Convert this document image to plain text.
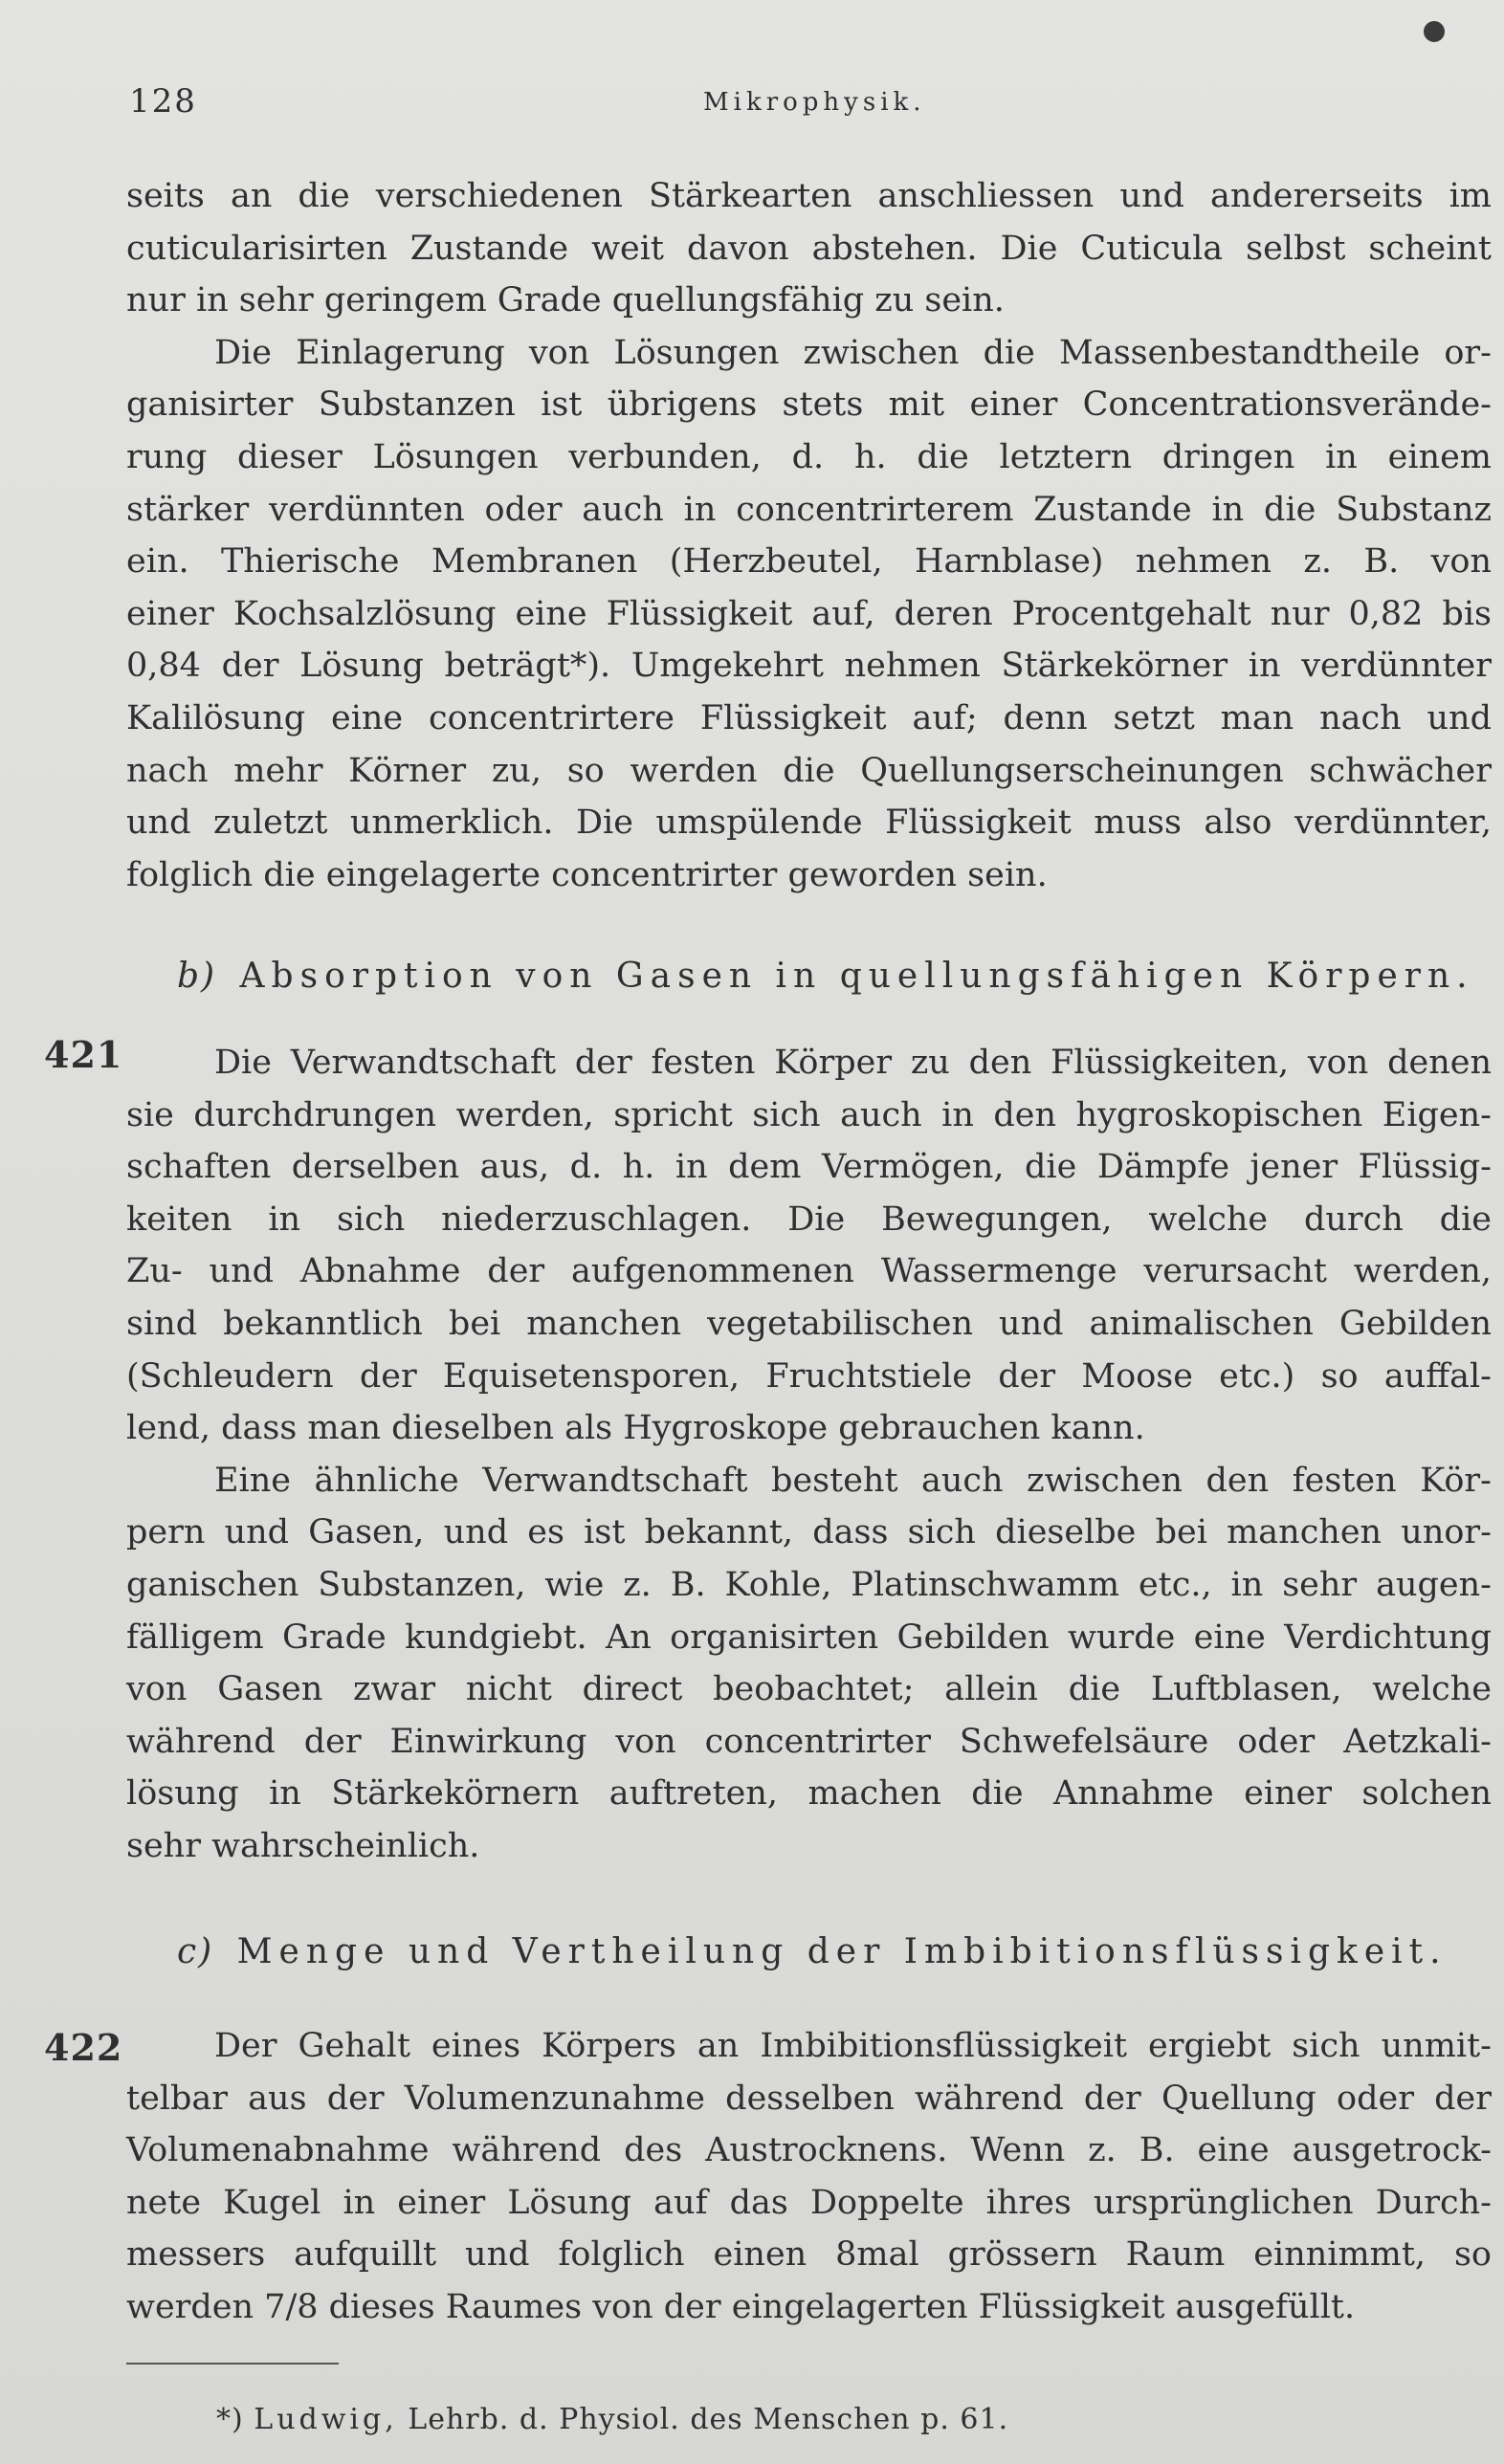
128	Mikrophysik.
seits an die verschiedenen Stärkearten anschliessen und andererseits im
cuticularisirten Zustande weit davon abstehen. Die Cuticula selbst scheint
nur in sehr geringem Grade quellungsfähig zu sein.
Die Einlagerung von Lösungen zwischen die Massenbestandtheile or-
ganisirter Substanzen ist übrigens stets mit einer Concentrationsverände-
rung dieser Lösungen verbunden, d. h. die letztern dringen in einem
stärker verdünnten oder auch in concentrirterem Zustande in die Substanz
ein. Thierische Membranen (Herzbeutel, Harnblase) nehmen z. B. von
einer Kochsalzlösung eine Flüssigkeit auf, deren Procentgehalt nur 0,82 bis
0,84 der Lösung beträgt*). Umgekehrt nehmen Stärkekörner in verdünnter
Kalilösung eine concentrirtere Flüssigkeit auf; denn setzt man nach und
nach mehr Körner zu, so werden die Quellungserscheinungen schwächer
und zuletzt unmerklich. Die umspülende Flüssigkeit muss also verdünnter,
folglich die eingelagerte concentrirter geworden sein.
b) Absorption von Gasen in quellungsfähigen Körpern.
421	Die Verwandtschaft der festen Körper zu den Flüssigkeiten, von denen
sie durchdrungen werden, spricht sich auch in den hygroskopischen Eigen-
schaften derselben aus, d. h. in dem Vermögen, die Dämpfe jener Flüssig-
keiten in sich niederzuschlagen. Die Bewegungen, welche durch die
Zu- und Abnahme der aufgenommenen Wassermenge verursacht werden,
sind bekanntlich bei manchen vegetabilischen und animalischen Gebilden
(Schleudern der Equisetensporen, Fruchtstiele der Moose etc.) so auffal-
lend, dass man dieselben als Hygroskope gebrauchen kann.
Eine ähnliche Verwandtschaft besteht auch zwischen den festen Kör-
pern und Gasen, und es ist bekannt, dass sich dieselbe bei manchen unor-
ganischen Substanzen, wie z. B. Kohle, Platinschwamm etc., in sehr augen-
fälligem Grade kundgiebt. An organisirten Gebilden wurde eine Verdichtung
von Gasen zwar nicht direct beobachtet; allein die Luftblasen, welche
während der Einwirkung von concentrirter Schwefelsäure oder Aetzkali-
lösung in Stärkekörnern auftreten, machen die Annahme einer solchen
sehr wahrscheinlich.
c) Menge und Vertheilung der Imbibitionsflüssigkeit.
422	Der Gehalt eines Körpers an Imbibitionsflüssigkeit ergiebt sich unmit-
telbar aus der Volumenzunahme desselben während der Quellung oder der
Volumenabnahme während des Austrocknens. Wenn z. B. eine ausgetrock-
nete Kugel in einer Lösung auf das Doppelte ihres ursprünglichen Durch-
messers aufquillt und folglich einen 8mal grössern Raum einnimmt, so
werden 7/8 dieses Raumes von der eingelagerten Flüssigkeit ausgefüllt.
*) Ludwig, Lehrb. d. Physiol. des Menschen p. 61.
